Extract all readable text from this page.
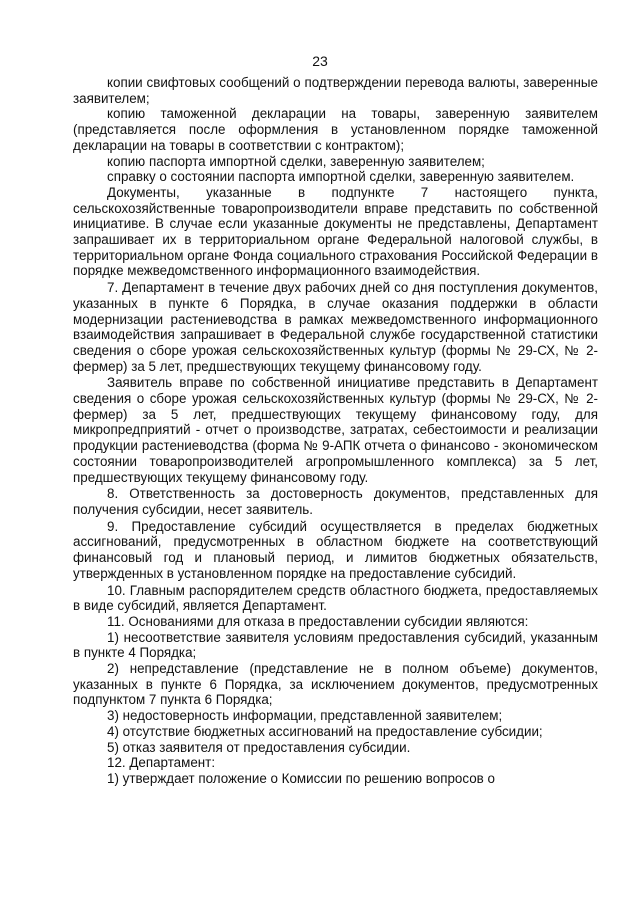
23

копии свифтовых сообщений о подтверждении перевода валюты, заверенные заявителем;

копию таможенной декларации на товары, заверенную заявителем (представляется после оформления в установленном порядке таможенной декларации на товары в соответствии с контрактом);

копию паспорта импортной сделки, заверенную заявителем;

справку о состоянии паспорта импортной сделки, заверенную заявителем.

Документы, указанные в подпункте 7 настоящего пункта, сельскохозяйственные товаропроизводители вправе представить по собственной инициативе. В случае если указанные документы не представлены, Департамент запрашивает их в территориальном органе Федеральной налоговой службы, в территориальном органе Фонда социального страхования Российской Федерации в порядке межведомственного информационного взаимодействия.

7. Департамент в течение двух рабочих дней со дня поступления документов, указанных в пункте 6 Порядка, в случае оказания поддержки в области модернизации растениеводства в рамках межведомственного информационного взаимодействия запрашивает в Федеральной службе государственной статистики сведения о сборе урожая сельскохозяйственных культур (формы № 29-СХ, № 2-фермер) за 5 лет, предшествующих текущему финансовому году.

Заявитель вправе по собственной инициативе представить в Департамент сведения о сборе урожая сельскохозяйственных культур (формы № 29-СХ, № 2-фермер) за 5 лет, предшествующих текущему финансовому году, для микропредприятий - отчет о производстве, затратах, себестоимости и реализации продукции растениеводства (форма № 9-АПК отчета о финансово - экономическом состоянии товаропроизводителей агропромышленного комплекса) за 5 лет, предшествующих текущему финансовому году.

8. Ответственность за достоверность документов, представленных для получения субсидии, несет заявитель.

9. Предоставление субсидий осуществляется в пределах бюджетных ассигнований, предусмотренных в областном бюджете на соответствующий финансовый год и плановый период, и лимитов бюджетных обязательств, утвержденных в установленном порядке на предоставление субсидий.

10. Главным распорядителем средств областного бюджета, предоставляемых в виде субсидий, является Департамент.

11. Основаниями для отказа в предоставлении субсидии являются:

1) несоответствие заявителя условиям предоставления субсидий, указанным в пункте 4 Порядка;

2) непредставление (представление не в полном объеме) документов, указанных в пункте 6 Порядка, за исключением документов, предусмотренных подпунктом 7 пункта 6 Порядка;

3) недостоверность информации, представленной заявителем;

4) отсутствие бюджетных ассигнований на предоставление субсидии;

5) отказ заявителя от предоставления субсидии.

12. Департамент:

1) утверждает положение о Комиссии по решению вопросов о
